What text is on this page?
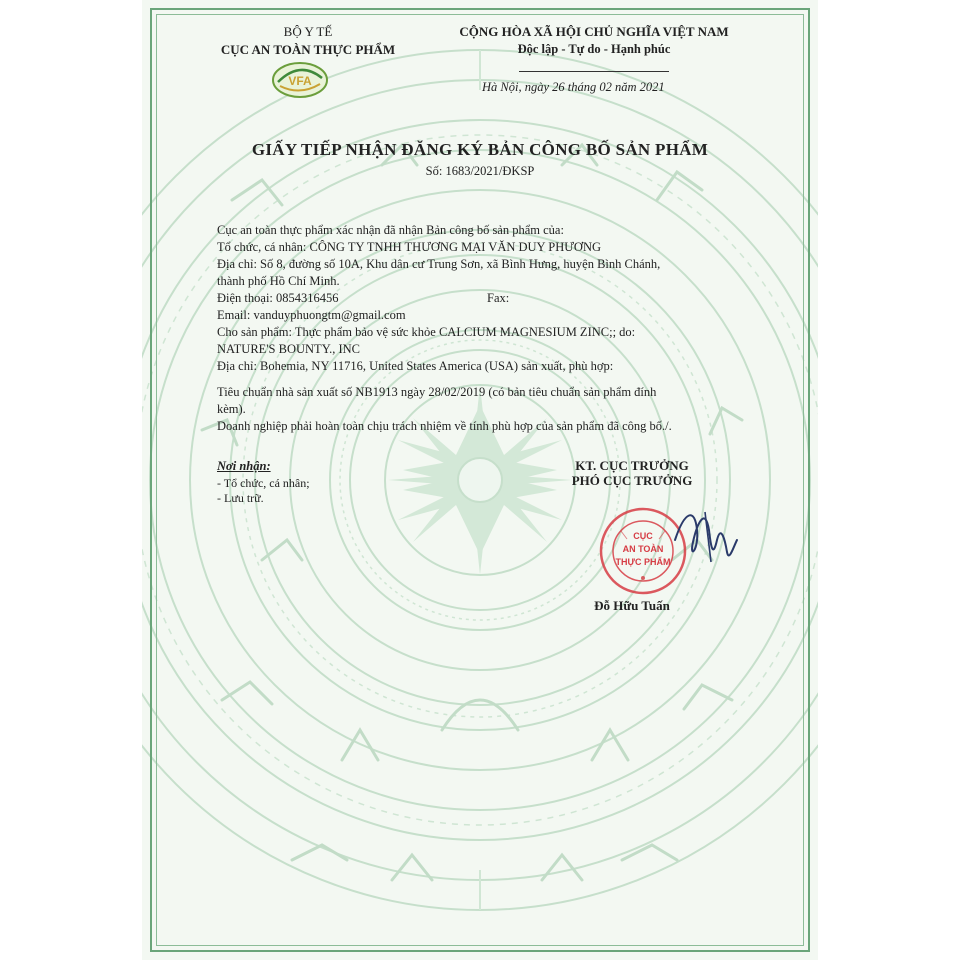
BỘ Y TẾ
CỤC AN TOÀN THỰC PHẨM
VFA
CỘNG HÒA XÃ HỘI CHỦ NGHĨA VIỆT NAM
Độc lập - Tự do - Hạnh phúc
Hà Nội, ngày 26 tháng 02 năm 2021
GIẤY TIẾP NHẬN ĐĂNG KÝ BẢN CÔNG BỐ SẢN PHẨM
Số: 1683/2021/ĐKSP
Cục an toàn thực phẩm xác nhận đã nhận Bản công bố sản phẩm của:
Tổ chức, cá nhân: CÔNG TY TNHH THƯƠNG MẠI VĂN DUY PHƯƠNG
Địa chỉ: Số 8, đường số 10A, Khu dân cư Trung Sơn, xã Bình Hưng, huyện Bình Chánh,
thành phố Hồ Chí Minh.
Điện thoại: 0854316456	Fax:
Email: vanduyphuongtm@gmail.com
Cho sản phẩm: Thực phẩm bảo vệ sức khỏe CALCIUM MAGNESIUM ZINC;; do:
NATURE'S BOUNTY., INC
Địa chỉ: Bohemia, NY 11716, United States America (USA) sản xuất, phù hợp:
Tiêu chuẩn nhà sản xuất số NB1913 ngày 28/02/2019 (có bản tiêu chuẩn sản phẩm đính
kèm).
Doanh nghiệp phải hoàn toàn chịu trách nhiệm về tính phù hợp của sản phẩm đã công bố./.
Nơi nhận:
- Tổ chức, cá nhân;
- Lưu trữ.
KT. CỤC TRƯỞNG
PHÓ CỤC TRƯỞNG
CỤC
AN TOÀN
THỰC PHẨM
Đỗ Hữu Tuấn
